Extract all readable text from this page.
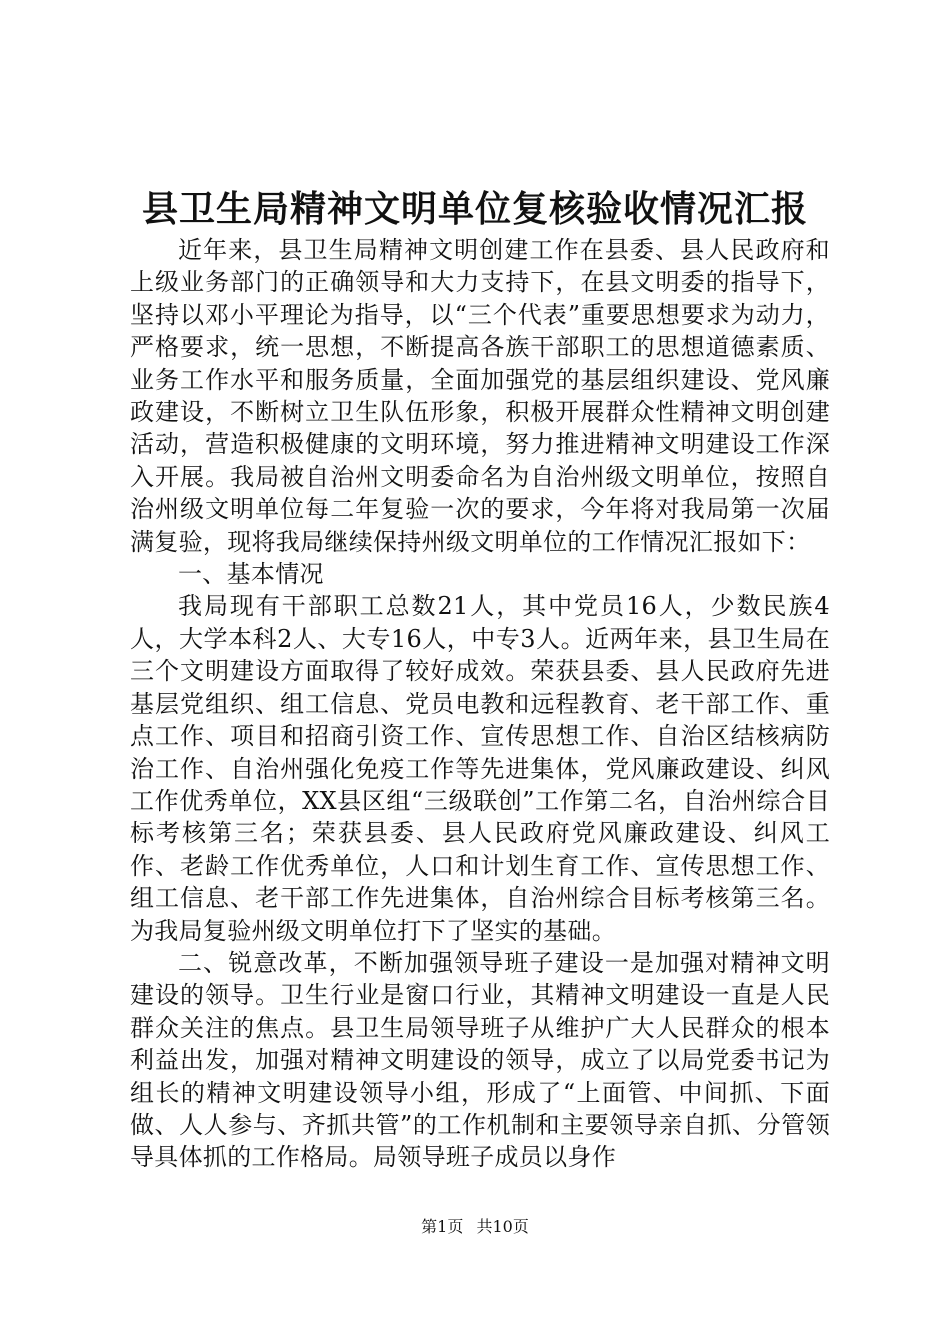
县卫生局精神文明单位复核验收情况汇报

近年来，县卫生局精神文明创建工作在县委、县人民政府和上级业务部门的正确领导和大力支持下，在县文明委的指导下，坚持以邓小平理论为指导，以“三个代表”重要思想要求为动力，严格要求，统一思想，不断提高各族干部职工的思想道德素质、业务工作水平和服务质量，全面加强党的基层组织建设、党风廉政建设，不断树立卫生队伍形象，积极开展群众性精神文明创建活动，营造积极健康的文明环境，努力推进精神文明建设工作深入开展。我局被自治州文明委命名为自治州级文明单位，按照自治州级文明单位每二年复验一次的要求，今年将对我局第一次届满复验，现将我局继续保持州级文明单位的工作情况汇报如下：

一、基本情况

我局现有干部职工总数21人，其中党员16人，少数民族4人，大学本科2人、大专16人，中专3人。近两年来，县卫生局在三个文明建设方面取得了较好成效。荣获县委、县人民政府先进基层党组织、组工信息、党员电教和远程教育、老干部工作、重点工作、项目和招商引资工作、宣传思想工作、自治区结核病防治工作、自治州强化免疫工作等先进集体，党风廉政建设、纠风工作优秀单位，XX县区组“三级联创”工作第二名，自治州综合目标考核第三名；荣获县委、县人民政府党风廉政建设、纠风工作、老龄工作优秀单位，人口和计划生育工作、宣传思想工作、组工信息、老干部工作先进集体，自治州综合目标考核第三名。为我局复验州级文明单位打下了坚实的基础。

二、锐意改革，不断加强领导班子建设一是加强对精神文明建设的领导。卫生行业是窗口行业，其精神文明建设一直是人民群众关注的焦点。县卫生局领导班子从维护广大人民群众的根本利益出发，加强对精神文明建设的领导，成立了以局党委书记为组长的精神文明建设领导小组，形成了“上面管、中间抓、下面做、人人参与、齐抓共管”的工作机制和主要领导亲自抓、分管领导具体抓的工作格局。局领导班子成员以身作

第1页 共10页
